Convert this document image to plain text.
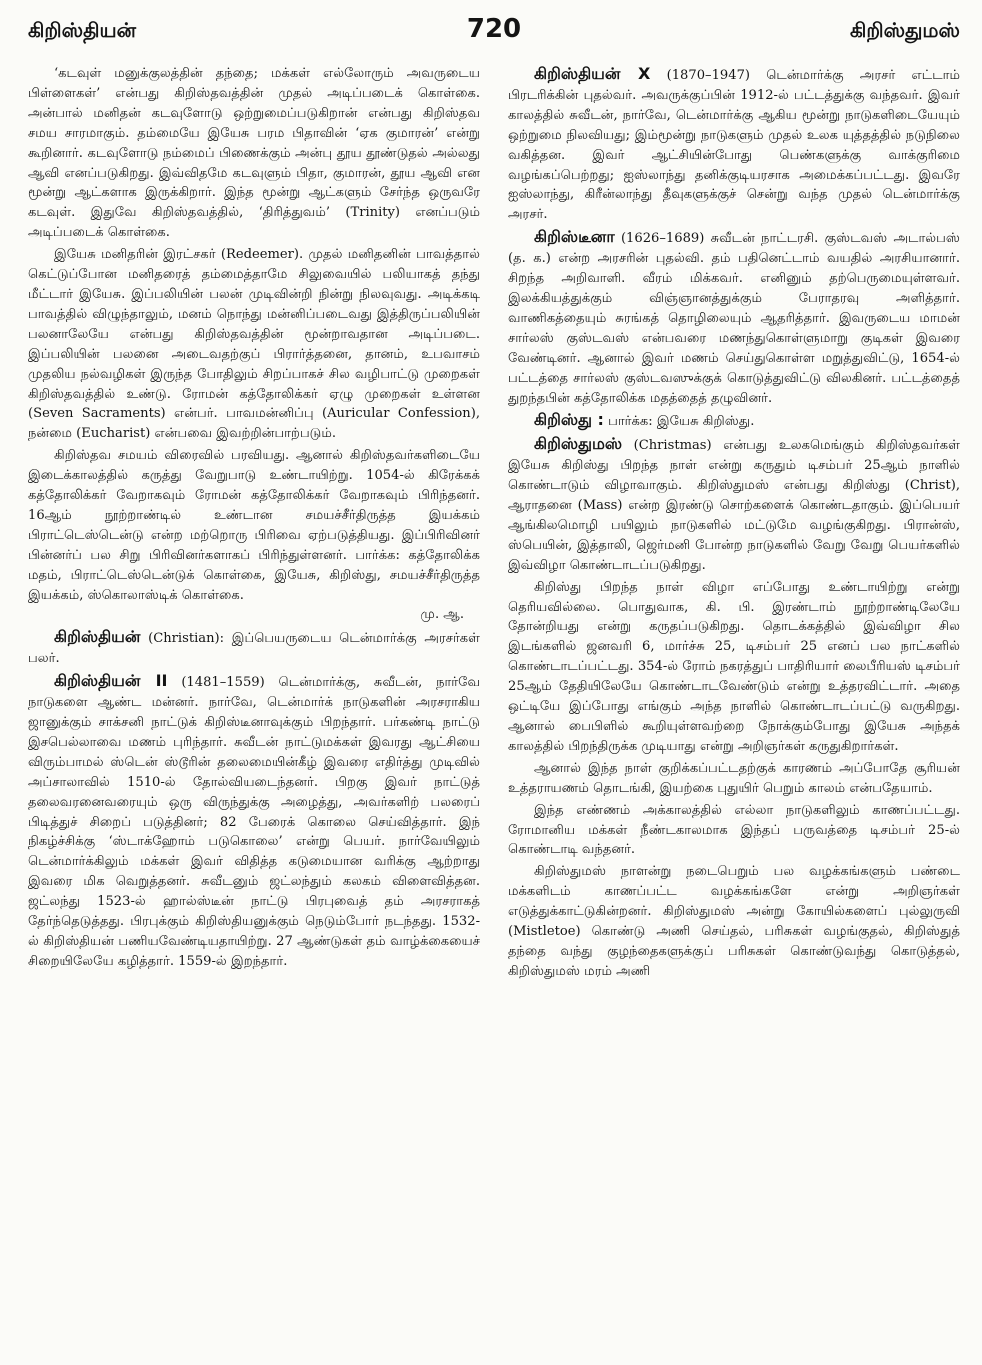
கிறிஸ்தியன்	720	கிறிஸ்துமஸ்

‘கடவுள் மனுக்குலத்தின் தந்தை; மக்கள் எல்லோரும் அவருடைய பிள்ளைகள்’ என்பது கிறிஸ்தவத்தின் முதல் அடிப்படைக் கொள்கை. அன்பால் மனிதன் கடவுளோடு ஒற்றுமைப்படுகிறான் என்பது கிறிஸ்தவ சமய சாரமாகும். தம்மையே இயேசு பரம பிதாவின் ‘ஏக குமாரன்’ என்று கூறினார். கடவுளோடு நம்மைப் பிணைக்கும் அன்பு தூய தூண்டுதல் அல்லது ஆவி எனப்படுகிறது. இவ்விதமே கடவுளும் பிதா, குமாரன், தூய ஆவி என மூன்று ஆட்களாக இருக்கிறார். இந்த மூன்று ஆட்களும் சேர்ந்த ஒருவரே கடவுள். இதுவே கிறிஸ்தவத்தில், ‘திரித்துவம்’ (Trinity) எனப்படும் அடிப்படைக் கொள்கை.

இயேசு மனிதரின் இரட்சகர் (Redeemer). முதல் மனிதனின் பாவத்தால் கெட்டுப்போன மனிதரைத் தம்மைத்தாமே சிலுவையில் பலியாகத் தந்து மீட்டார் இயேசு. இப்பலியின் பலன் முடிவின்றி நின்று நிலவுவது. அடிக்கடி பாவத்தில் விழுந்தாலும், மனம் நொந்து மன்னிப்படைவது இத்திருப்பலியின் பலனாலேயே என்பது கிறிஸ்தவத்தின் மூன்றாவதான அடிப்படை. இப்பலியின் பலனை அடைவதற்குப் பிரார்த்தனை, தானம், உபவாசம் முதலிய நல்வழிகள் இருந்த போதிலும் சிறப்பாகச் சில வழிபாட்டு முறைகள் கிறிஸ்தவத்தில் உண்டு. ரோமன் கத்தோலிக்கர் ஏழு முறைகள் உள்ளன (Seven Sacraments) என்பர். பாவமன்னிப்பு (Auricular Confession), நன்மை (Eucharist) என்பவை இவற்றின்பாற்படும்.

கிறிஸ்தவ சமயம் விரைவில் பரவியது. ஆனால் கிறிஸ்தவர்களிடையே இடைக்காலத்தில் கருத்து வேறுபாடு உண்டாயிற்று. 1054-ல் கிரேக்கக் கத்தோலிக்கர் வேறாகவும் ரோமன் கத்தோலிக்கர் வேறாகவும் பிரிந்தனர். 16ஆம் நூற்றாண்டில் உண்டான சமயச்சீர்திருத்த இயக்கம் பிராட்டெஸ்டென்டு என்ற மற்றொரு பிரிவை ஏற்படுத்தியது. இப்பிரிவினர் பின்னர்ப் பல சிறு பிரிவினர்களாகப் பிரிந்துள்ளனர். பார்க்க: கத்தோலிக்க மதம், பிராட்டெஸ்டென்டுக் கொள்கை, இயேசு, கிறிஸ்து, சமயச்சீர்திருத்த இயக்கம், ஸ்கொலாஸ்டிக் கொள்கை.
மு. ஆ.

கிறிஸ்தியன் (Christian): இப்பெயருடைய டென்மார்க்கு அரசர்கள் பலர்.

கிறிஸ்தியன் II (1481–1559) டென்மார்க்கு, சுவீடன், நார்வே நாடுகளை ஆண்ட மன்னர். நார்வே, டென்மார்க் நாடுகளின் அரசராகிய ஜானுக்கும் சாக்சனி நாட்டுக் கிறிஸ்டீனாவுக்கும் பிறந்தார். பர்கண்டி நாட்டு இசபெல்லாவை மணம் புரிந்தார். சுவீடன் நாட்டுமக்கள் இவரது ஆட்சியை விரும்பாமல் ஸ்டென் ஸ்டூரின் தலைமையின்கீழ் இவரை எதிர்த்து முடிவில் அப்சாலாவில் 1510-ல் தோல்வியடைந்தனர். பிறகு இவர் நாட்டுத் தலைவரனைவரையும் ஒரு விருந்துக்கு அழைத்து, அவர்களிற் பலரைப் பிடித்துச் சிறைப் படுத்தினர்; 82 பேரைக் கொலை செய்வித்தார். இந் நிகழ்ச்சிக்கு ‘ஸ்டாக்ஹோம் படுகொலை’ என்று பெயர். நார்வேயிலும் டென்மார்க்கிலும் மக்கள் இவர் விதித்த கடுமையான வரிக்கு ஆற்றாது இவரை மிக வெறுத்தனர். சுவீடனும் ஜட்லந்தும் கலகம் விளைவித்தன. ஜட்லந்து 1523-ல் ஹால்ஸ்டீன் நாட்டு பிரபுவைத் தம் அரசராகத் தேர்ந்தெடுத்தது. பிரபுக்கும் கிறிஸ்தியனுக்கும் நெடும்போர் நடந்தது. 1532-ல் கிறிஸ்தியன் பணியவேண்டியதாயிற்று. 27 ஆண்டுகள் தம் வாழ்க்கையைச் சிறையிலேயே கழித்தார். 1559-ல் இறந்தார்.

கிறிஸ்தியன் X (1870–1947) டென்மார்க்கு அரசர் எட்டாம் பிரடரிக்கின் புதல்வர். அவருக்குப்பின் 1912-ல் பட்டத்துக்கு வந்தவர். இவர் காலத்தில் சுவீடன், நார்வே, டென்மார்க்கு ஆகிய மூன்று நாடுகளிடையேயும் ஒற்றுமை நிலவியது; இம்மூன்று நாடுகளும் முதல் உலக யுத்தத்தில் நடுநிலை வகித்தன. இவர் ஆட்சியின்போது பெண்களுக்கு வாக்குரிமை வழங்கப்பெற்றது; ஐஸ்லாந்து தனிக்குடியரசாக அமைக்கப்பட்டது. இவரே ஐஸ்லாந்து, கிரீன்லாந்து தீவுகளுக்குச் சென்று வந்த முதல் டென்மார்க்கு அரசர்.

கிறிஸ்டீனா (1626–1689) சுவீடன் நாட்டரசி. குஸ்டவஸ் அடால்பஸ் (த. க.) என்ற அரசரின் புதல்வி. தம் பதினெட்டாம் வயதில் அரசியானார். சிறந்த அறிவாளி. வீரம் மிக்கவர். எனினும் தற்பெருமையுள்ளவர். இலக்கியத்துக்கும் விஞ்ஞானத்துக்கும் பேராதரவு அளித்தார். வாணிகத்தையும் சுரங்கத் தொழிலையும் ஆதரித்தார். இவருடைய மாமன் சார்லஸ் குஸ்டவஸ் என்பவரை மணந்துகொள்ளுமாறு குடிகள் இவரை வேண்டினர். ஆனால் இவர் மணம் செய்துகொள்ள மறுத்துவிட்டு, 1654-ல் பட்டத்தை சார்லஸ் குஸ்டவஸுக்குக் கொடுத்துவிட்டு விலகினர். பட்டத்தைத் துறந்தபின் கத்தோலிக்க மதத்தைத் தழுவினர்.

கிறிஸ்து : பார்க்க: இயேசு கிறிஸ்து.

கிறிஸ்துமஸ் (Christmas) என்பது உலகமெங்கும் கிறிஸ்தவர்கள் இயேசு கிறிஸ்து பிறந்த நாள் என்று கருதும் டிசம்பர் 25ஆம் நாளில் கொண்டாடும் விழாவாகும். கிறிஸ்துமஸ் என்பது கிறிஸ்து (Christ), ஆராதனை (Mass) என்ற இரண்டு சொற்களைக் கொண்டதாகும். இப்பெயர் ஆங்கிலமொழி பயிலும் நாடுகளில் மட்டுமே வழங்குகிறது. பிரான்ஸ், ஸ்பெயின், இத்தாலி, ஜெர்மனி போன்ற நாடுகளில் வேறு வேறு பெயர்களில் இவ்விழா கொண்டாடப்படுகிறது.

கிறிஸ்து பிறந்த நாள் விழா எப்போது உண்டாயிற்று என்று தெரியவில்லை. பொதுவாக, கி. பி. இரண்டாம் நூற்றாண்டிலேயே தோன்றியது என்று கருதப்படுகிறது. தொடக்கத்தில் இவ்விழா சில இடங்களில் ஜனவரி 6, மார்ச்சு 25, டிசம்பர் 25 எனப் பல நாட்களில் கொண்டாடப்பட்டது. 354-ல் ரோம் நகரத்துப் பாதிரியார் லைபீரியஸ் டிசம்பர் 25ஆம் தேதியிலேயே கொண்டாடவேண்டும் என்று உத்தரவிட்டார். அதை ஒட்டியே இப்போது எங்கும் அந்த நாளில் கொண்டாடப்பட்டு வருகிறது. ஆனால் பைபிளில் கூறியுள்ளவற்றை நோக்கும்போது இயேசு அந்தக் காலத்தில் பிறந்திருக்க முடியாது என்று அறிஞர்கள் கருதுகிறார்கள்.

ஆனால் இந்த நாள் குறிக்கப்பட்டதற்குக் காரணம் அப்போதே சூரியன் உத்தராயணம் தொடங்கி, இயற்கை புதுயிர் பெறும் காலம் என்பதேயாம்.

இந்த எண்ணம் அக்காலத்தில் எல்லா நாடுகளிலும் காணப்பட்டது. ரோமானிய மக்கள் நீண்டகாலமாக இந்தப் பருவத்தை டிசம்பர் 25-ல் கொண்டாடி வந்தனர்.

கிறிஸ்துமஸ் நாளன்று நடைபெறும் பல வழக்கங்களும் பண்டை மக்களிடம் காணப்பட்ட வழக்கங்களே என்று அறிஞர்கள் எடுத்துக்காட்டுகின்றனர். கிறிஸ்துமஸ் அன்று கோயில்களைப் புல்லுருவி (Mistletoe) கொண்டு அணி செய்தல், பரிசுகள் வழங்குதல், கிறிஸ்துத் தந்தை வந்து குழந்தைகளுக்குப் பரிசுகள் கொண்டுவந்து கொடுத்தல், கிறிஸ்துமஸ் மரம் அணி
